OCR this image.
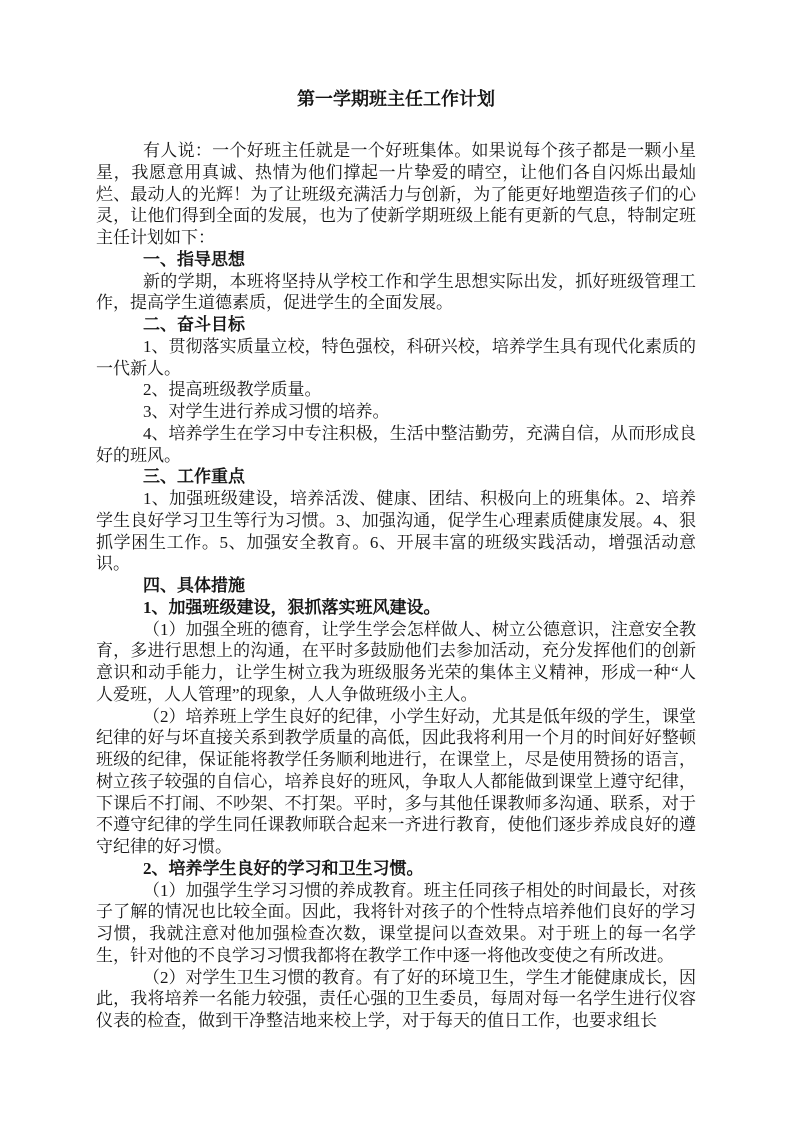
第一学期班主任工作计划

有人说：一个好班主任就是一个好班集体。如果说每个孩子都是一颗小星星，我愿意用真诚、热情为他们撑起一片挚爱的晴空，让他们各自闪烁出最灿烂、最动人的光辉！为了让班级充满活力与创新，为了能更好地塑造孩子们的心灵，让他们得到全面的发展，也为了使新学期班级上能有更新的气息，特制定班主任计划如下：

一、指导思想

新的学期，本班将坚持从学校工作和学生思想实际出发，抓好班级管理工作，提高学生道德素质，促进学生的全面发展。

二、奋斗目标

1、贯彻落实质量立校，特色强校，科研兴校，培养学生具有现代化素质的一代新人。

2、提高班级教学质量。

3、对学生进行养成习惯的培养。

4、培养学生在学习中专注积极，生活中整洁勤劳，充满自信，从而形成良好的班风。

三、工作重点

1、加强班级建设，培养活泼、健康、团结、积极向上的班集体。2、培养学生良好学习卫生等行为习惯。3、加强沟通，促学生心理素质健康发展。4、狠抓学困生工作。5、加强安全教育。6、开展丰富的班级实践活动，增强活动意识。

四、具体措施

1、加强班级建设，狠抓落实班风建设。

（1）加强全班的德育，让学生学会怎样做人、树立公德意识，注意安全教育，多进行思想上的沟通，在平时多鼓励他们去参加活动，充分发挥他们的创新意识和动手能力，让学生树立我为班级服务光荣的集体主义精神，形成一种“人人爱班，人人管理”的现象，人人争做班级小主人。

（2）培养班上学生良好的纪律，小学生好动，尤其是低年级的学生，课堂纪律的好与坏直接关系到教学质量的高低，因此我将利用一个月的时间好好整顿班级的纪律，保证能将教学任务顺利地进行，在课堂上，尽是使用赞扬的语言，树立孩子较强的自信心，培养良好的班风，争取人人都能做到课堂上遵守纪律，下课后不打闹、不吵架、不打架。平时，多与其他任课教师多沟通、联系，对于不遵守纪律的学生同任课教师联合起来一齐进行教育，使他们逐步养成良好的遵守纪律的好习惯。

2、培养学生良好的学习和卫生习惯。

（1）加强学生学习习惯的养成教育。班主任同孩子相处的时间最长，对孩子了解的情况也比较全面。因此，我将针对孩子的个性特点培养他们良好的学习习惯，我就注意对他加强检查次数，课堂提问以查效果。对于班上的每一名学生，针对他的不良学习习惯我都将在教学工作中逐一将他改变使之有所改进。

（2）对学生卫生习惯的教育。有了好的环境卫生，学生才能健康成长，因此，我将培养一名能力较强，责任心强的卫生委员，每周对每一名学生进行仪容仪表的检查，做到干净整洁地来校上学，对于每天的值日工作，也要求组长
